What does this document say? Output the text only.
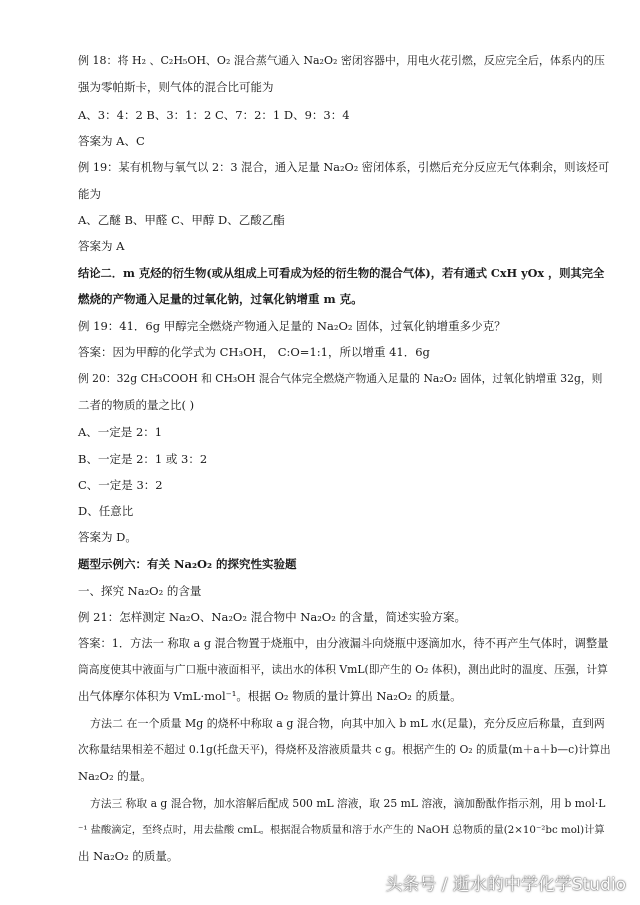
例 18：将 H₂ 、C₂H₅OH、O₂ 混合蒸气通入 Na₂O₂ 密闭容器中，用电火花引燃，反应完全后，体系内的压
强为零帕斯卡，则气体的混合比可能为
A、3：4：2 B、3：1：2 C、7：2：1 D、9：3：4
答案为 A、C
例 19：某有机物与氧气以 2：3 混合，通入足量 Na₂O₂ 密闭体系，引燃后充分反应无气体剩余，则该烃可
能为
A、乙醚 B、甲醛 C、甲醇 D、乙酸乙酯
答案为 A
结论二．m 克烃的衍生物(或从组成上可看成为烃的衍生物的混合气体)，若有通式 CxH yOx ，则其完全
燃烧的产物通入足量的过氧化钠，过氧化钠增重 m 克。
例 19：41．6g 甲醇完全燃烧产物通入足量的 Na₂O₂ 固体，过氧化钠增重多少克？
答案：因为甲醇的化学式为 CH₃OH， C:O=1:1，所以增重 41．6g
例 20：32g CH₃COOH 和 CH₃OH 混合气体完全燃烧产物通入足量的 Na₂O₂ 固体，过氧化钠增重 32g，则
二者的物质的量之比( )
A、一定是 2：1
B、一定是 2：1 或 3：2
C、一定是 3：2
D、任意比
答案为 D。
题型示例六：有关 Na₂O₂ 的探究性实验题
一、探究 Na₂O₂ 的含量
例 21：怎样测定 Na₂O、Na₂O₂ 混合物中 Na₂O₂ 的含量，简述实验方案。
答案：1．方法一 称取 a g 混合物置于烧瓶中，由分液漏斗向烧瓶中逐滴加水，待不再产生气体时，调整量
筒高度使其中液面与广口瓶中液面相平，读出水的体积 VmL(即产生的 O₂ 体积)，测出此时的温度、压强，计算
出气体摩尔体积为 VmL·mol⁻¹。根据 O₂ 物质的量计算出 Na₂O₂ 的质量。
方法二 在一个质量 Mg 的烧杯中称取 a g 混合物，向其中加入 b mL 水(足量)，充分反应后称量，直到两
次称量结果相差不超过 0.1g(托盘天平)，得烧杯及溶液质量共 c g。根据产生的 O₂ 的质量(m＋a＋b—c)计算出
Na₂O₂ 的量。
方法三 称取 a g 混合物，加水溶解后配成 500 mL 溶液，取 25 mL 溶液，滴加酚酞作指示剂，用 b mol·L
⁻¹ 盐酸滴定，至终点时，用去盐酸 cmL。根据混合物质量和溶于水产生的 NaOH 总物质的量(2×10⁻²bc mol)计算
出 Na₂O₂ 的质量。
头条号 / 逝水的中学化学Studio
